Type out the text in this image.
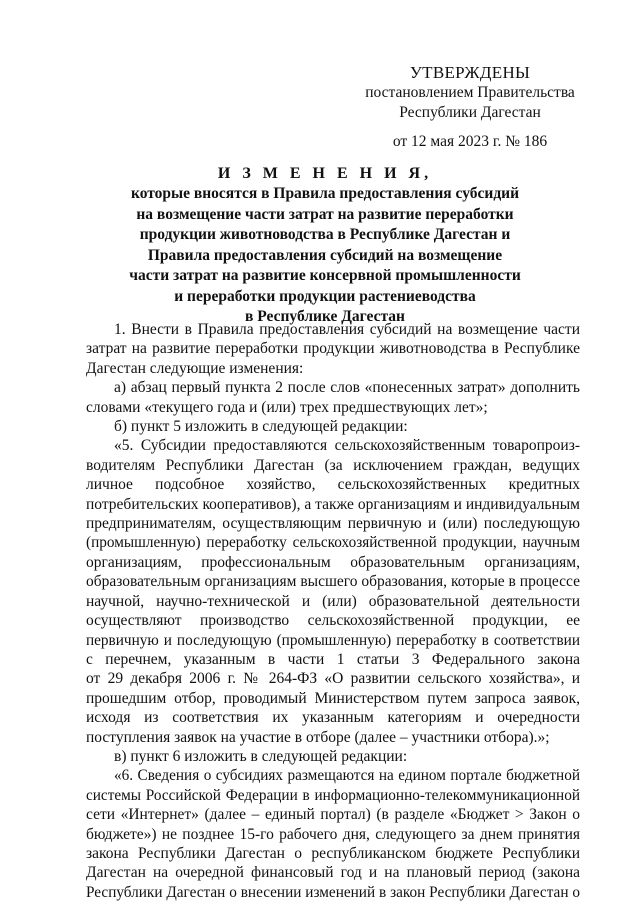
УТВЕРЖДЕНЫ
постановлением Правительства
Республики Дагестан
от 12 мая 2023 г. № 186
И З М Е Н Е Н И Я,
которые вносятся в Правила предоставления субсидий
на возмещение части затрат на развитие переработки
продукции животноводства в Республике Дагестан и
Правила предоставления субсидий на возмещение
части затрат на развитие консервной промышленности
и переработки продукции растениеводства
в Республике Дагестан
1. Внести в Правила предоставления субсидий на возмещение части
затрат на развитие переработки продукции животноводства в Республике
Дагестан следующие изменения:
а) абзац первый пункта 2 после слов «понесенных затрат» дополнить
словами «текущего года и (или) трех предшествующих лет»;
б) пункт 5 изложить в следующей редакции:
«5. Субсидии предоставляются сельскохозяйственным товаропроиз-
водителям Республики Дагестан (за исключением граждан, ведущих
личное подсобное хозяйство, сельскохозяйственных кредитных
потребительских кооперативов), а также организациям и индивидуальным
предпринимателям, осуществляющим первичную и (или) последующую
(промышленную) переработку сельскохозяйственной продукции, научным
организациям, профессиональным образовательным организациям,
образовательным организациям высшего образования, которые в процессе
научной, научно-технической и (или) образовательной деятельности
осуществляют производство сельскохозяйственной продукции, ее
первичную и последующую (промышленную) переработку в соответствии
с перечнем, указанным в части 1 статьи 3 Федерального закона
от 29 декабря 2006 г. № 264-ФЗ «О развитии сельского хозяйства», и
прошедшим отбор, проводимый Министерством путем запроса заявок,
исходя из соответствия их указанным категориям и очередности
поступления заявок на участие в отборе (далее – участники отбора).»;
в) пункт 6 изложить в следующей редакции:
«6. Сведения о субсидиях размещаются на едином портале бюджетной
системы Российской Федерации в информационно-телекоммуникационной
сети «Интернет» (далее – единый портал) (в разделе «Бюджет > Закон о
бюджете») не позднее 15-го рабочего дня, следующего за днем принятия
закона Республики Дагестан о республиканском бюджете Республики
Дагестан на очередной финансовый год и на плановый период (закона
Республики Дагестан о внесении изменений в закон Республики Дагестан о
